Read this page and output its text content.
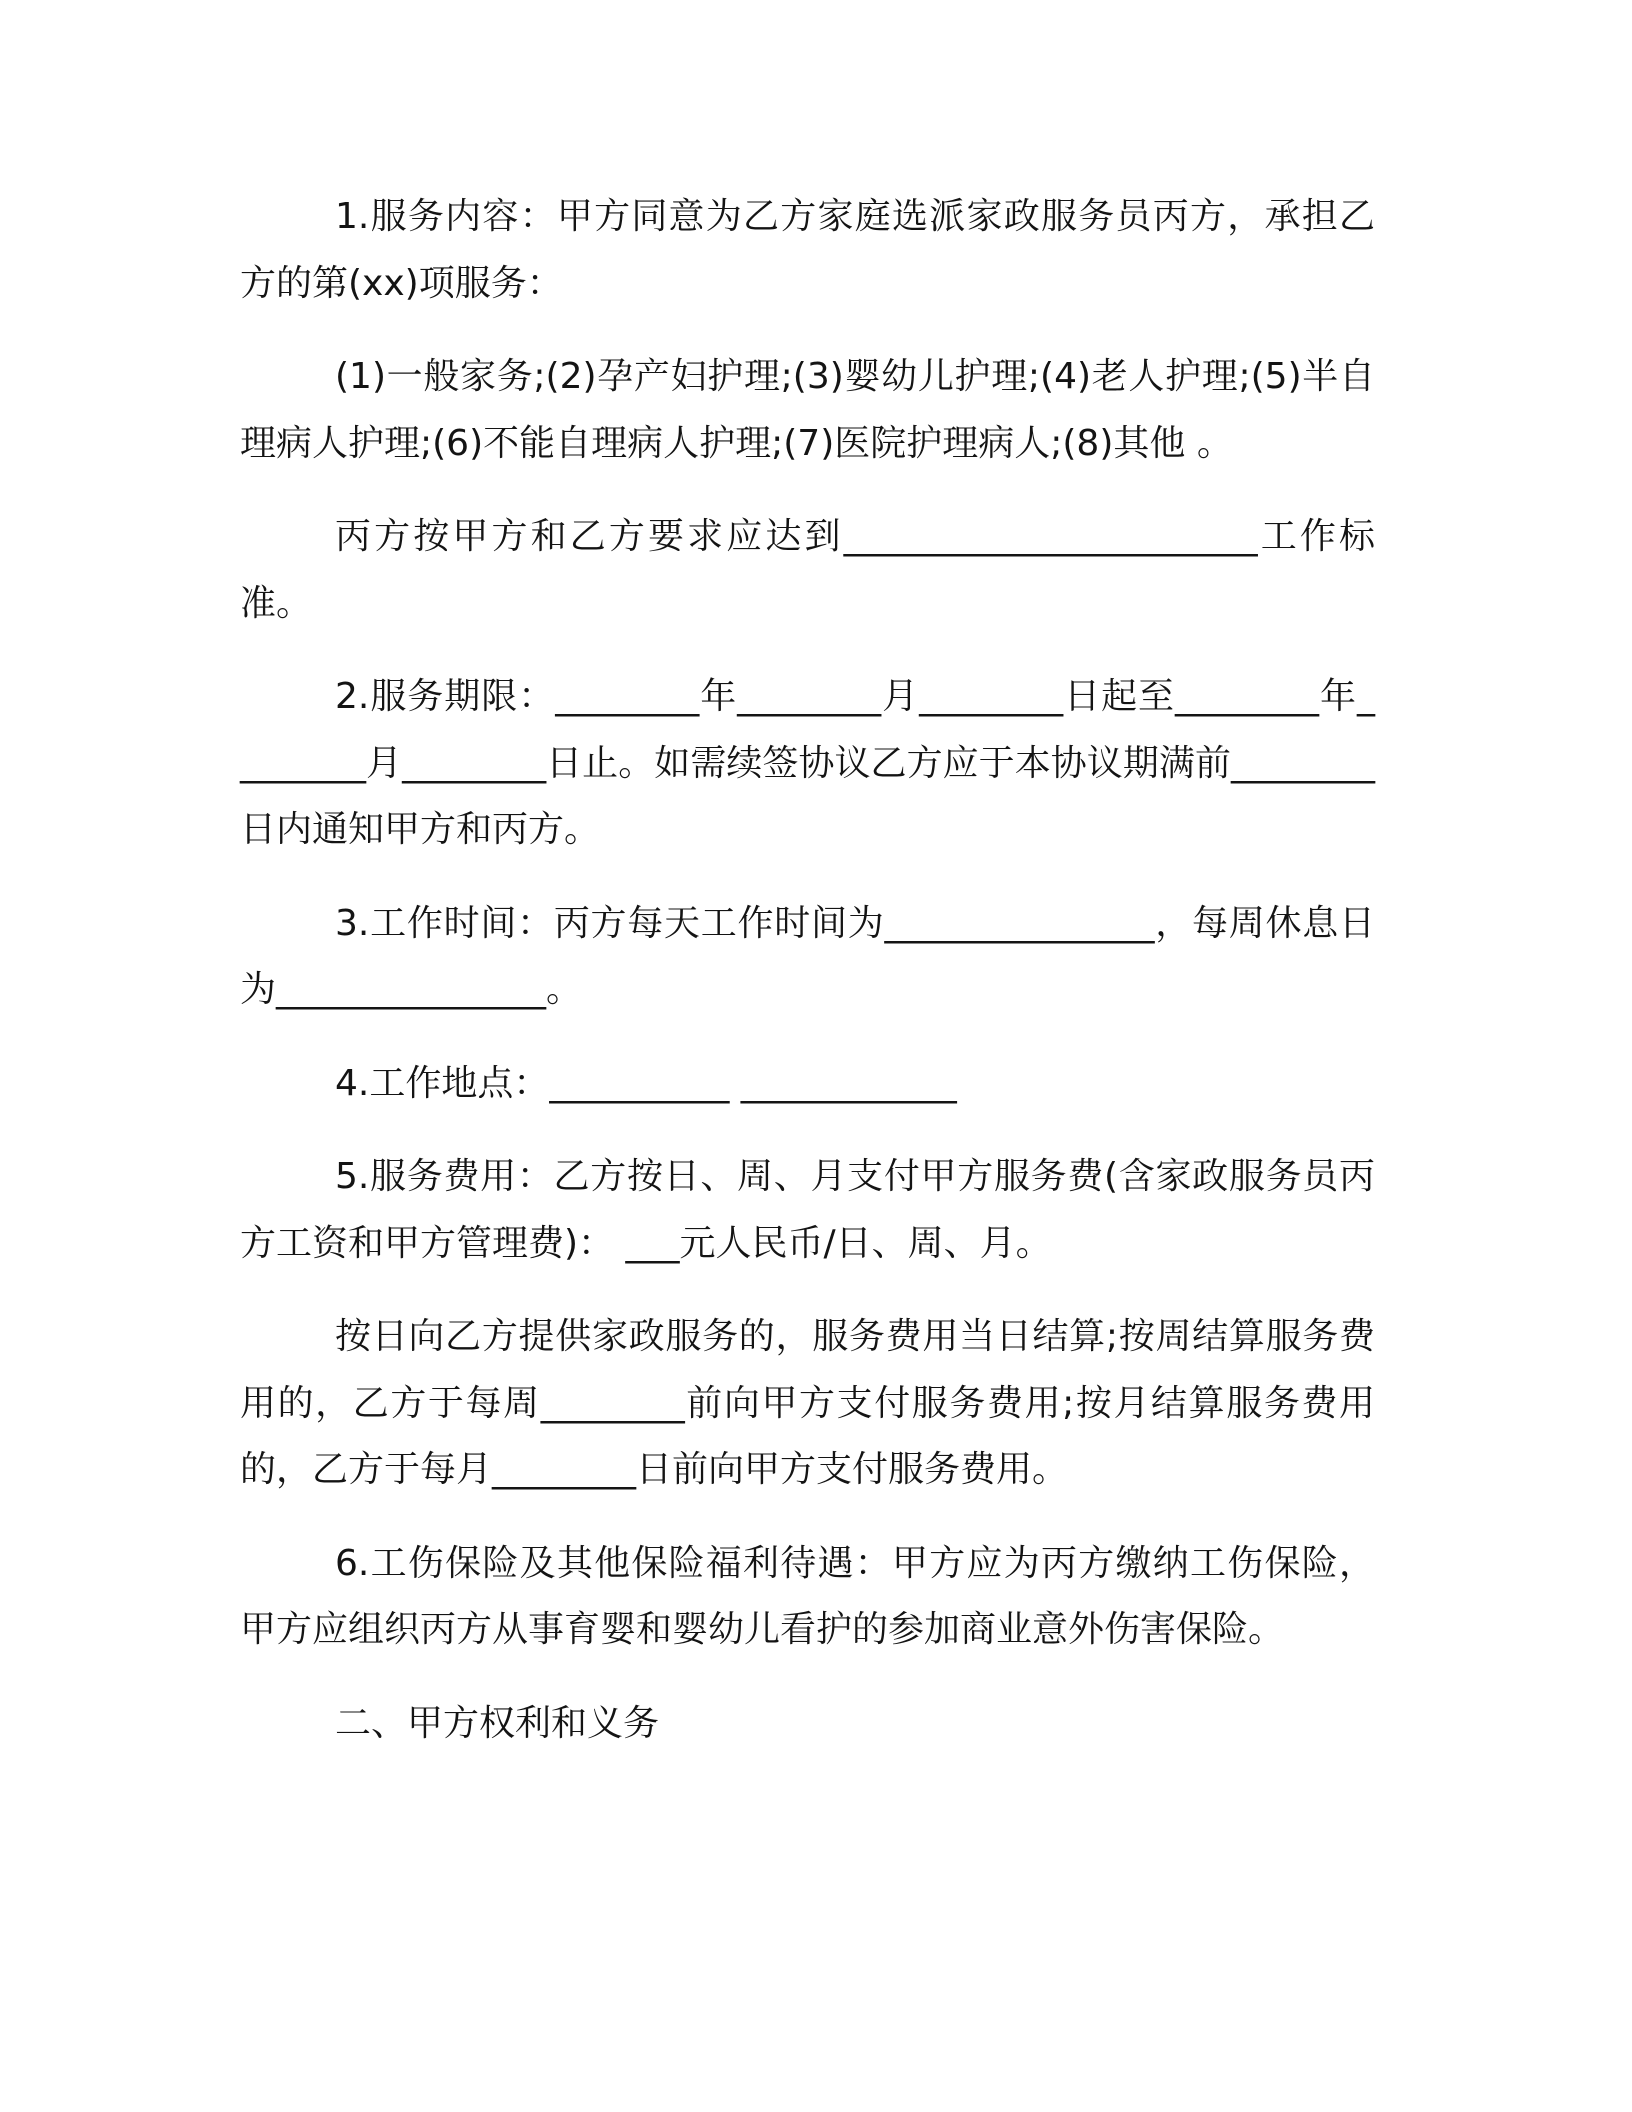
1.服务内容：甲方同意为乙方家庭选派家政服务员丙方，承担乙方的第(xx)项服务：

(1)一般家务;(2)孕产妇护理;(3)婴幼儿护理;(4)老人护理;(5)半自理病人护理;(6)不能自理病人护理;(7)医院护理病人;(8)其他 。

丙方按甲方和乙方要求应达到_______________________工作标准。

2.服务期限：________年________月________日起至________年________月________日止。如需续签协议乙方应于本协议期满前________日内通知甲方和丙方。

3.工作时间：丙方每天工作时间为_______________，每周休息日为_______________。

4.工作地点：__________ ____________

5.服务费用：乙方按日、周、月支付甲方服务费(含家政服务员丙方工资和甲方管理费)： ___元人民币/日、周、月。

按日向乙方提供家政服务的，服务费用当日结算;按周结算服务费用的，乙方于每周________前向甲方支付服务费用;按月结算服务费用的，乙方于每月________日前向甲方支付服务费用。

6.工伤保险及其他保险福利待遇：甲方应为丙方缴纳工伤保险，甲方应组织丙方从事育婴和婴幼儿看护的参加商业意外伤害保险。

二、甲方权利和义务
